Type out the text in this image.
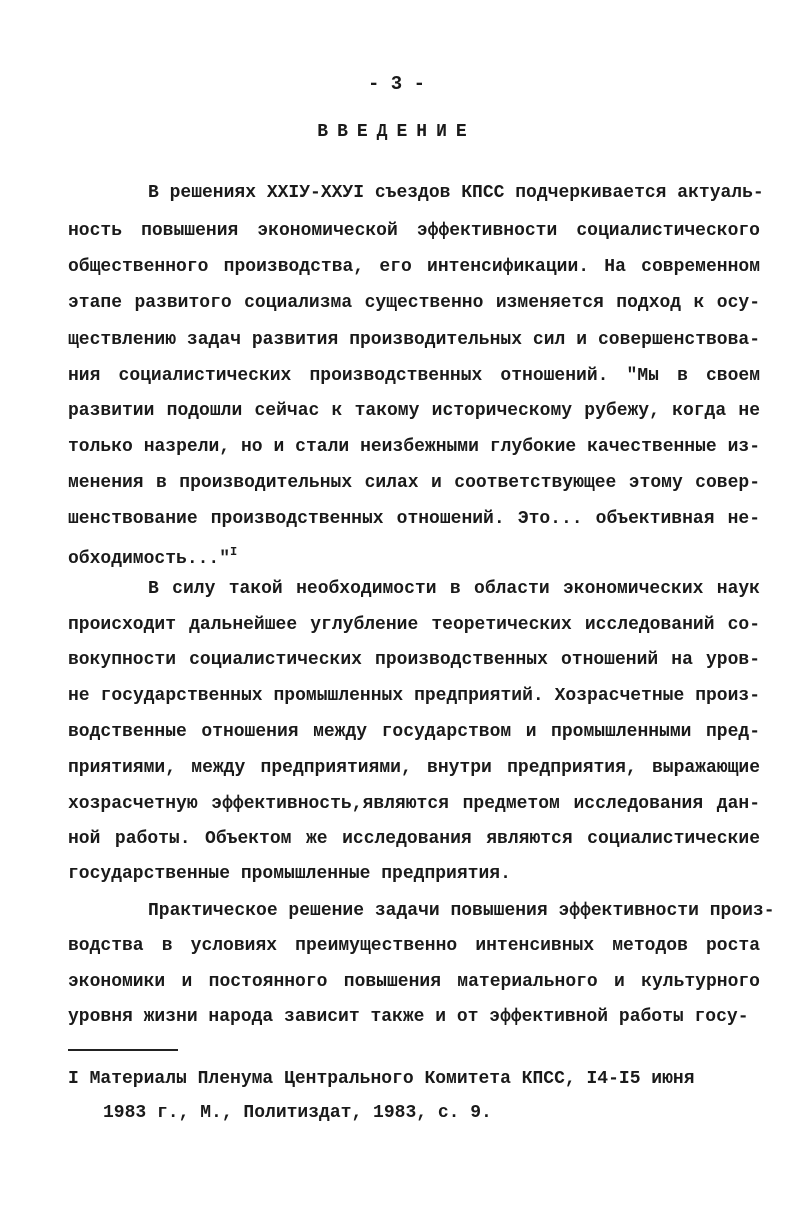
- 3 -
ВВЕДЕНИЕ
В решениях XXIУ-XXУI съездов КПСС подчеркивается актуаль-
ность повышения экономической эффективности социалистического
общественного производства, его интенсификации. На современном
этапе развитого социализма существенно изменяется подход к осу-
ществлению задач развития производительных сил и совершенствова-
ния социалистических производственных отношений. "Мы в своем
развитии подошли сейчас к такому историческому рубежу, когда не
только назрели, но и стали неизбежными глубокие качественные из-
менения в производительных силах и соответствующее этому совер-
шенствование производственных отношений. Это... объективная не-
обходимость..."$^I$
В силу такой необходимости в области экономических наук
происходит дальнейшее углубление теоретических исследований со-
вокупности социалистических производственных отношений на уров-
не государственных промышленных предприятий. Хозрасчетные произ-
водственные отношения между государством и промышленными пред-
приятиями, между предприятиями, внутри предприятия, выражающие
хозрасчетную эффективность,являются предметом исследования дан-
ной работы. Объектом же исследования являются социалистические
государственные промышленные предприятия.
Практическое решение задачи повышения эффективности произ-
водства в условиях преимущественно интенсивных методов роста
экономики и постоянного повышения материального и культурного
уровня жизни народа зависит также и от эффективной работы госу-
I Материалы Пленума Центрального Комитета КПСС, I4-I5 июня
1983 г., М., Политиздат, 1983, с. 9.
